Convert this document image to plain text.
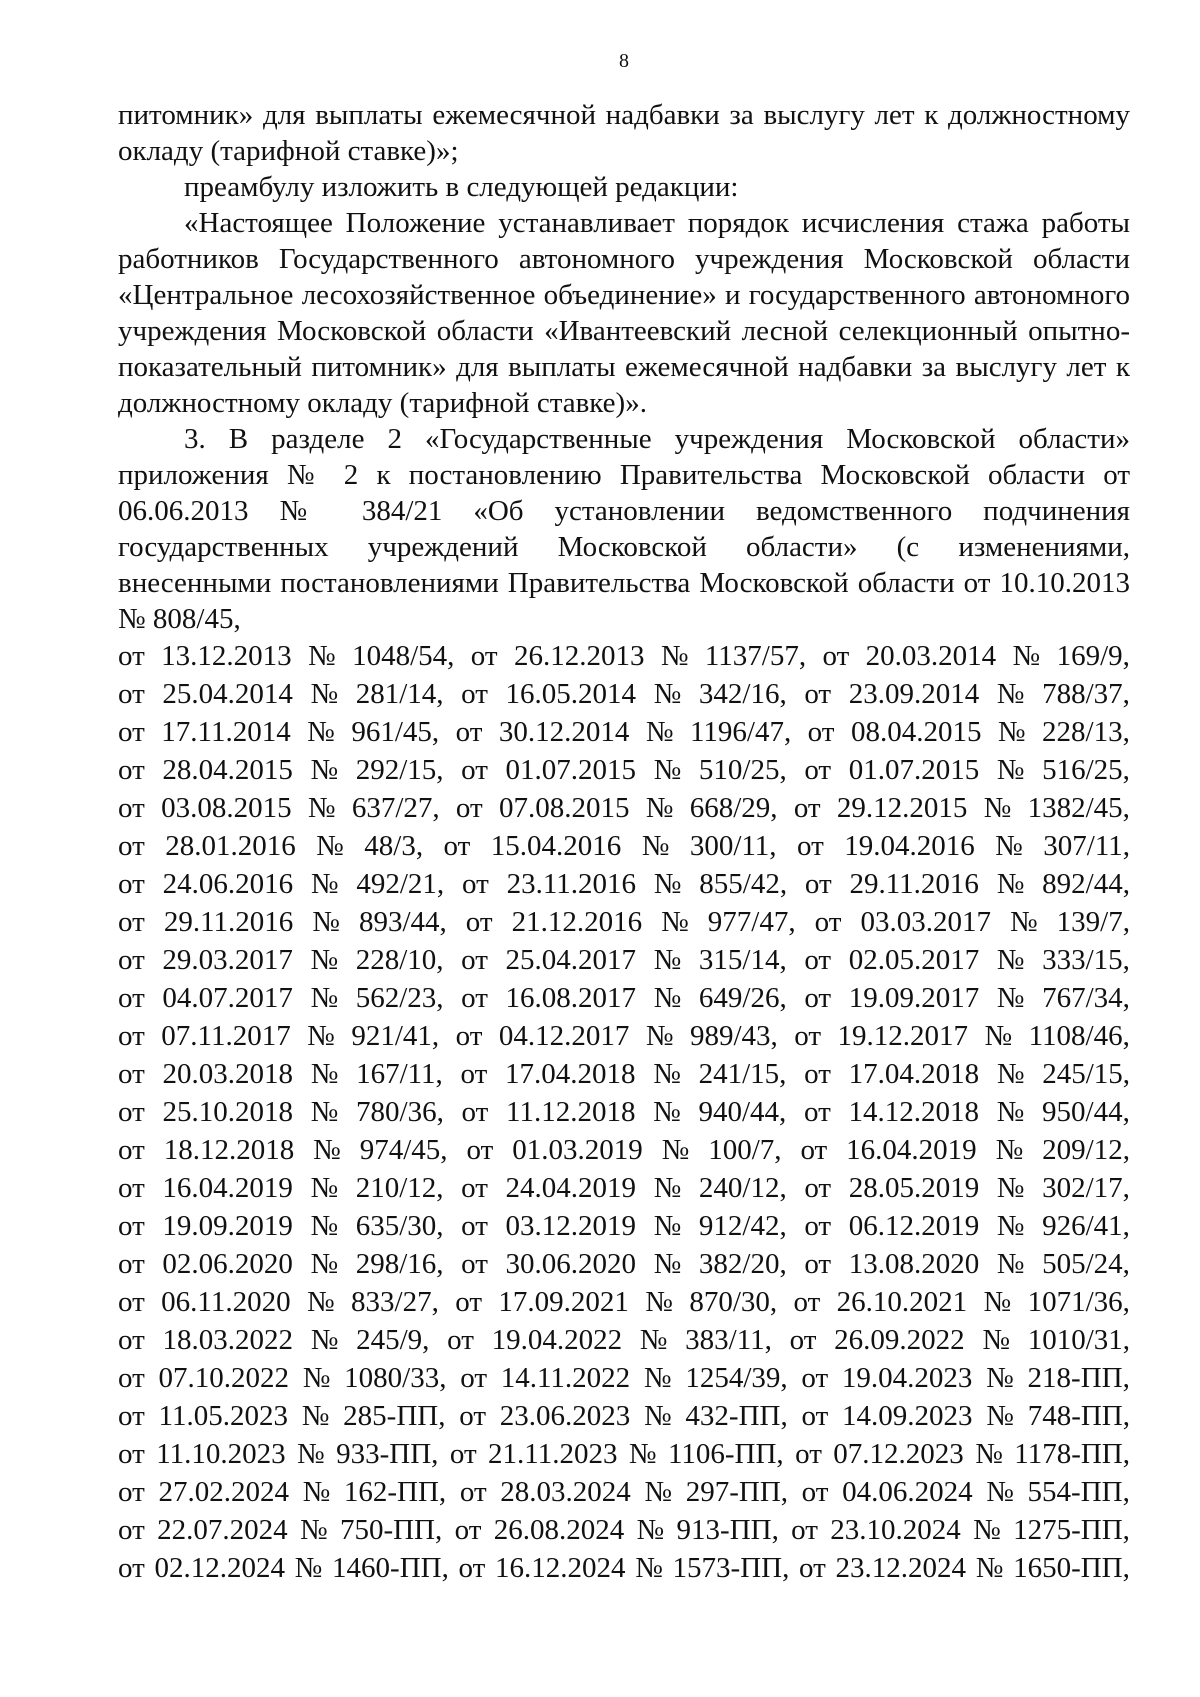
8

питомник» для выплаты ежемесячной надбавки за выслугу лет к должностному окладу (тарифной ставке)»;

преамбулу изложить в следующей редакции:

«Настоящее Положение устанавливает порядок исчисления стажа работы работников Государственного автономного учреждения Московской области «Центральное лесохозяйственное объединение» и государственного автономного учреждения Московской области «Ивантеевский лесной селекционный опытно-показательный питомник» для выплаты ежемесячной надбавки за выслугу лет к должностному окладу (тарифной ставке)».

3. В разделе 2 «Государственные учреждения Московской области» приложения № 2 к постановлению Правительства Московской области от 06.06.2013 № 384/21 «Об установлении ведомственного подчинения государственных учреждений Московской области» (с изменениями, внесенными постановлениями Правительства Московской области от 10.10.2013 № 808/45,

от 13.12.2013 № 1048/54, от 26.12.2013 № 1137/57, от 20.03.2014 № 169/9,
от 25.04.2014 № 281/14, от 16.05.2014 № 342/16, от 23.09.2014 № 788/37,
от 17.11.2014 № 961/45, от 30.12.2014 № 1196/47, от 08.04.2015 № 228/13,
от 28.04.2015 № 292/15, от 01.07.2015 № 510/25, от 01.07.2015 № 516/25,
от 03.08.2015 № 637/27, от 07.08.2015 № 668/29, от 29.12.2015 № 1382/45,
от 28.01.2016 № 48/3, от 15.04.2016 № 300/11, от 19.04.2016 № 307/11,
от 24.06.2016 № 492/21, от 23.11.2016 № 855/42, от 29.11.2016 № 892/44,
от 29.11.2016 № 893/44, от 21.12.2016 № 977/47, от 03.03.2017 № 139/7,
от 29.03.2017 № 228/10, от 25.04.2017 № 315/14, от 02.05.2017 № 333/15,
от 04.07.2017 № 562/23, от 16.08.2017 № 649/26, от 19.09.2017 № 767/34,
от 07.11.2017 № 921/41, от 04.12.2017 № 989/43, от 19.12.2017 № 1108/46,
от 20.03.2018 № 167/11, от 17.04.2018 № 241/15, от 17.04.2018 № 245/15,
от 25.10.2018 № 780/36, от 11.12.2018 № 940/44, от 14.12.2018 № 950/44,
от 18.12.2018 № 974/45, от 01.03.2019 № 100/7, от 16.04.2019 № 209/12,
от 16.04.2019 № 210/12, от 24.04.2019 № 240/12, от 28.05.2019 № 302/17,
от 19.09.2019 № 635/30, от 03.12.2019 № 912/42, от 06.12.2019 № 926/41,
от 02.06.2020 № 298/16, от 30.06.2020 № 382/20, от 13.08.2020 № 505/24,
от 06.11.2020 № 833/27, от 17.09.2021 № 870/30, от 26.10.2021 № 1071/36,
от 18.03.2022 № 245/9, от 19.04.2022 № 383/11, от 26.09.2022 № 1010/31,
от 07.10.2022 № 1080/33, от 14.11.2022 № 1254/39, от 19.04.2023 № 218-ПП,
от 11.05.2023 № 285-ПП, от 23.06.2023 № 432-ПП, от 14.09.2023 № 748-ПП,
от 11.10.2023 № 933-ПП, от 21.11.2023 № 1106-ПП, от 07.12.2023 № 1178-ПП,
от 27.02.2024 № 162-ПП, от 28.03.2024 № 297-ПП, от 04.06.2024 № 554-ПП,
от 22.07.2024 № 750-ПП, от 26.08.2024 № 913-ПП, от 23.10.2024 № 1275-ПП,
от 02.12.2024 № 1460-ПП, от 16.12.2024 № 1573-ПП, от 23.12.2024 № 1650-ПП,
